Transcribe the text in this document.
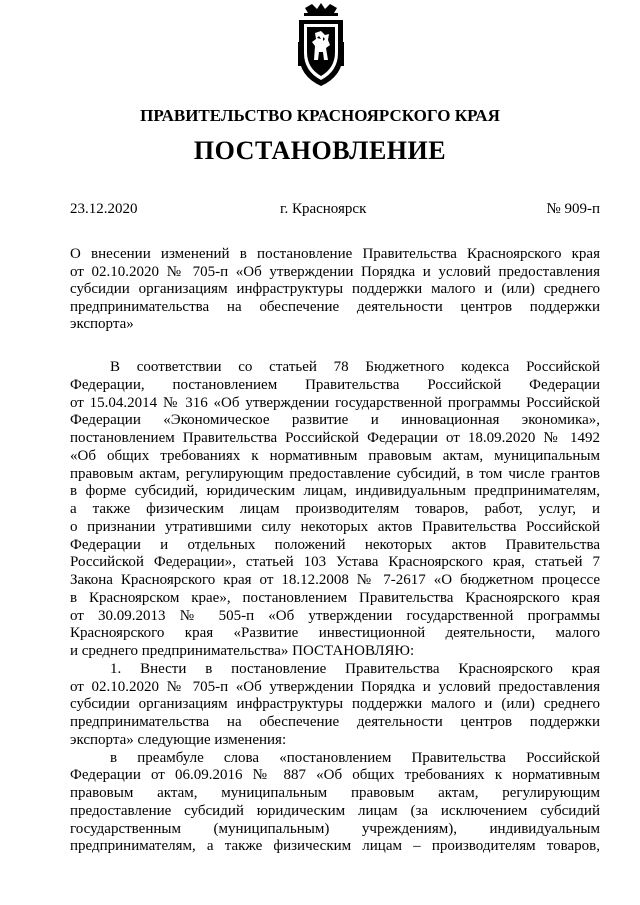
ПРАВИТЕЛЬСТВО КРАСНОЯРСКОГО КРАЯ
ПОСТАНОВЛЕНИЕ
23.12.2020	г. Красноярск	№ 909-п
О внесении изменений в постановление Правительства Красноярского края
от 02.10.2020 № 705-п «Об утверждении Порядка и условий предоставления
субсидии организациям инфраструктуры поддержки малого и (или) среднего
предпринимательства на обеспечение деятельности центров поддержки
экспорта»
В соответствии со статьей 78 Бюджетного кодекса Российской
Федерации, постановлением Правительства Российской Федерации
от 15.04.2014 № 316 «Об утверждении государственной программы Российской
Федерации «Экономическое развитие и инновационная экономика»,
постановлением Правительства Российской Федерации от 18.09.2020 № 1492
«Об общих требованиях к нормативным правовым актам, муниципальным
правовым актам, регулирующим предоставление субсидий, в том числе грантов
в форме субсидий, юридическим лицам, индивидуальным предпринимателям,
а также физическим лицам производителям товаров, работ, услуг, и
о признании утратившими силу некоторых актов Правительства Российской
Федерации и отдельных положений некоторых актов Правительства
Российской Федерации», статьей 103 Устава Красноярского края, статьей 7
Закона Красноярского края от 18.12.2008 № 7-2617 «О бюджетном процессе
в Красноярском крае», постановлением Правительства Красноярского края
от 30.09.2013 № 505-п «Об утверждении государственной программы
Красноярского края «Развитие инвестиционной деятельности, малого
и среднего предпринимательства» ПОСТАНОВЛЯЮ:
1. Внести в постановление Правительства Красноярского края
от 02.10.2020 № 705-п «Об утверждении Порядка и условий предоставления
субсидии организациям инфраструктуры поддержки малого и (или) среднего
предпринимательства на обеспечение деятельности центров поддержки
экспорта» следующие изменения:
в преамбуле слова «постановлением Правительства Российской
Федерации от 06.09.2016 № 887 «Об общих требованиях к нормативным
правовым актам, муниципальным правовым актам, регулирующим
предоставление субсидий юридическим лицам (за исключением субсидий
государственным (муниципальным) учреждениям), индивидуальным
предпринимателям, а также физическим лицам – производителям товаров,
